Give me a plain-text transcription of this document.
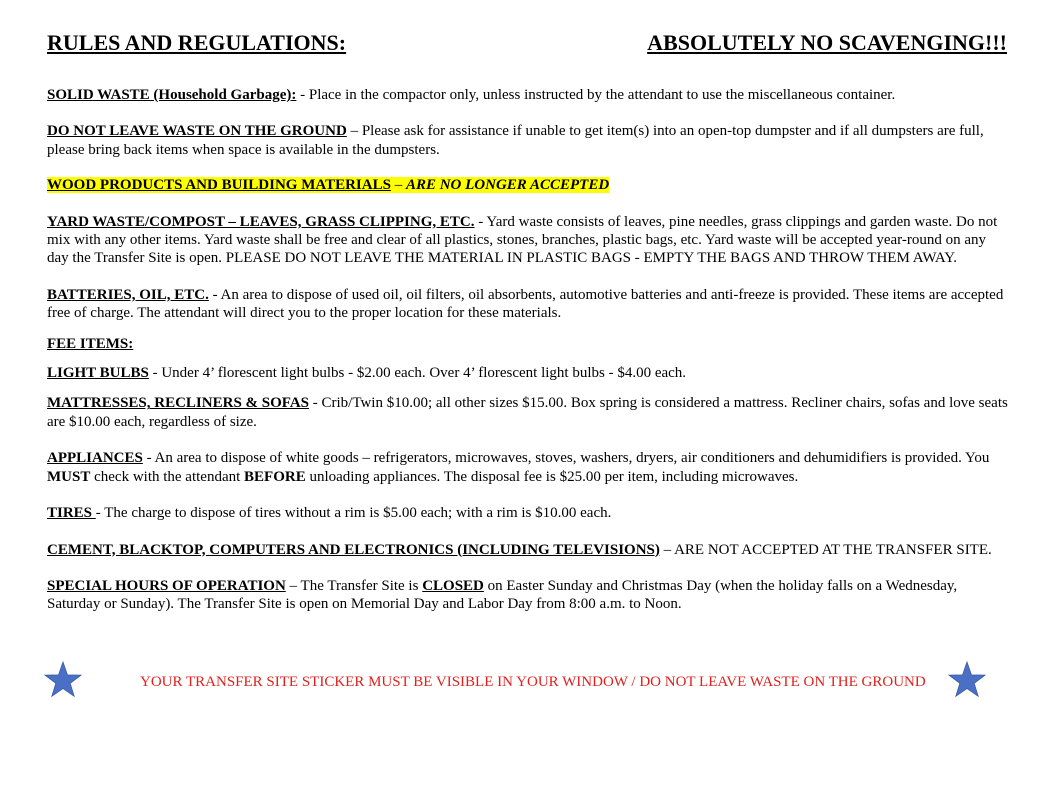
RULES AND REGULATIONS:	ABSOLUTELY NO SCAVENGING!!!

SOLID WASTE (Household Garbage): - Place in the compactor only, unless instructed by the attendant to use the miscellaneous container.

DO NOT LEAVE WASTE ON THE GROUND – Please ask for assistance if unable to get item(s) into an open-top dumpster and if all dumpsters are full, please bring back items when space is available in the dumpsters.

WOOD PRODUCTS AND BUILDING MATERIALS – ARE NO LONGER ACCEPTED

YARD WASTE/COMPOST – LEAVES, GRASS CLIPPING, ETC. - Yard waste consists of leaves, pine needles, grass clippings and garden waste. Do not mix with any other items. Yard waste shall be free and clear of all plastics, stones, branches, plastic bags, etc. Yard waste will be accepted year-round on any day the Transfer Site is open. PLEASE DO NOT LEAVE THE MATERIAL IN PLASTIC BAGS - EMPTY THE BAGS AND THROW THEM AWAY.

BATTERIES, OIL, ETC. - An area to dispose of used oil, oil filters, oil absorbents, automotive batteries and anti-freeze is provided. These items are accepted free of charge. The attendant will direct you to the proper location for these materials.

FEE ITEMS:

LIGHT BULBS - Under 4’ florescent light bulbs - $2.00 each. Over 4’ florescent light bulbs - $4.00 each.

MATTRESSES, RECLINERS & SOFAS - Crib/Twin $10.00; all other sizes $15.00. Box spring is considered a mattress. Recliner chairs, sofas and love seats are $10.00 each, regardless of size.

APPLIANCES - An area to dispose of white goods – refrigerators, microwaves, stoves, washers, dryers, air conditioners and dehumidifiers is provided. You MUST check with the attendant BEFORE unloading appliances. The disposal fee is $25.00 per item, including microwaves.

TIRES - The charge to dispose of tires without a rim is $5.00 each; with a rim is $10.00 each.

CEMENT, BLACKTOP, COMPUTERS AND ELECTRONICS (INCLUDING TELEVISIONS) – ARE NOT ACCEPTED AT THE TRANSFER SITE.

SPECIAL HOURS OF OPERATION – The Transfer Site is CLOSED on Easter Sunday and Christmas Day (when the holiday falls on a Wednesday, Saturday or Sunday). The Transfer Site is open on Memorial Day and Labor Day from 8:00 a.m. to Noon.

YOUR TRANSFER SITE STICKER MUST BE VISIBLE IN YOUR WINDOW / DO NOT LEAVE WASTE ON THE GROUND
